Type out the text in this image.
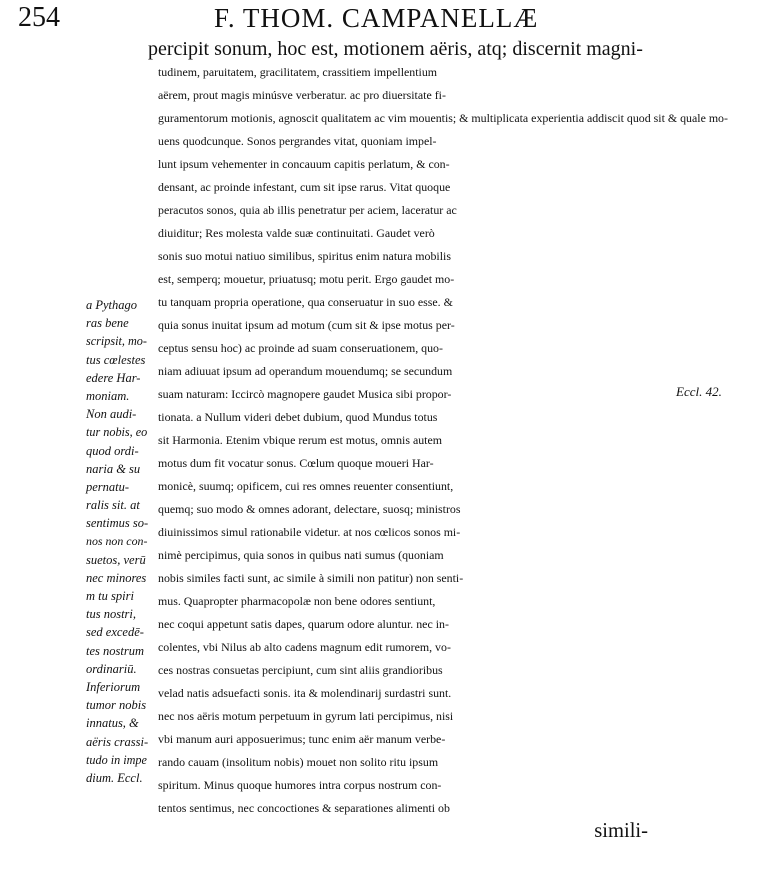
254	F. THOM. CAMPANELLÆ
percipit sonum, hoc est, motionem aëris, atq; discernit magni-
tudinem, paruitatem, gracilitatem, crassitiem impellentium
aërem, prout magis minúsve verberatur. ac pro diuersitate fi-
guramentorum motionis, agnoscit qualitatem ac vim mouentis; & multiplicata experientia addiscit quod sit & quale mo-
uens quodcunque. Sonos pergrandes vitat, quoniam impel-
lunt ipsum vehementer in concauum capitis perlatum, & con-
densant, ac proinde infestant, cum sit ipse rarus. Vitat quoque
peracutos sonos, quia ab illis penetratur per aciem, laceratur ac
diuiditur; Res molesta valde suæ continuitati. Gaudet verò
sonis suo motui natiuo similibus, spiritus enim natura mobilis
est, semperq; mouetur, priuatusq; motu perit. Ergo gaudet mo-
tu tanquam propria operatione, qua conseruatur in suo esse. &
quia sonus inuitat ipsum ad motum (cum sit & ipse motus per-
ceptus sensu hoc) ac proinde ad suam conseruationem, quo-
niam adiuuat ipsum ad operandum mouendumq; se secundum
suam naturam: Iccircò magnopere gaudet Musica sibi propor-
tionata. a Nullum videri debet dubium, quod Mundus totus
sit Harmonia. Etenim vbique rerum est motus, omnis autem
motus dum fit vocatur sonus. Cœlum quoque moueri Har-
monicè, suumq; opificem, cui res omnes reuenter consentiunt,
quemq; suo modo & omnes adorant, delectare, suosq; ministros
diuinissimos simul rationabile videtur. at nos cœlicos sonos mi-
nimè percipimus, quia sonos in quibus nati sumus (quoniam
nobis similes facti sunt, ac simile à simili non patitur) non senti-
mus. Quapropter pharmacopolæ non bene odores sentiunt,
nec coqui appetunt satis dapes, quarum odore aluntur. nec in-
colentes, vbi Nilus ab alto cadens magnum edit rumorem, vo-
ces nostras consuetas percipiunt, cum sint aliis grandioribus
velad natis adsuefacti sonis. ita & molendinarij surdastri sunt.
nec nos aëris motum perpetuum in gyrum lati percipimus, nisi
vbi manum auri apposuerimus; tunc enim aër manum verbe-
rando cauam (insolitum nobis) mouet non solito ritu ipsum
spiritum. Minus quoque humores intra corpus nostrum con-
tentos sentimus, nec concoctiones & separationes alimenti ob
simili-
a Pythago
ras bene
scripsit, mo-
tus cœlestes
edere Har-
moniam.
Non audi-
tur nobis, eo
quod ordi-
naria & su
pernatu-
ralis sit. at
sentimus so-
nos non con-
suetos, verū
nec minores
m tu spiri
tus nostri,
sed excedē-
tes nostrum
ordinariū.
Inferiorum
tumor nobis
innatus, &
aëris crassi-
tudo in impe
dium. Eccl.
Eccl. 42.
